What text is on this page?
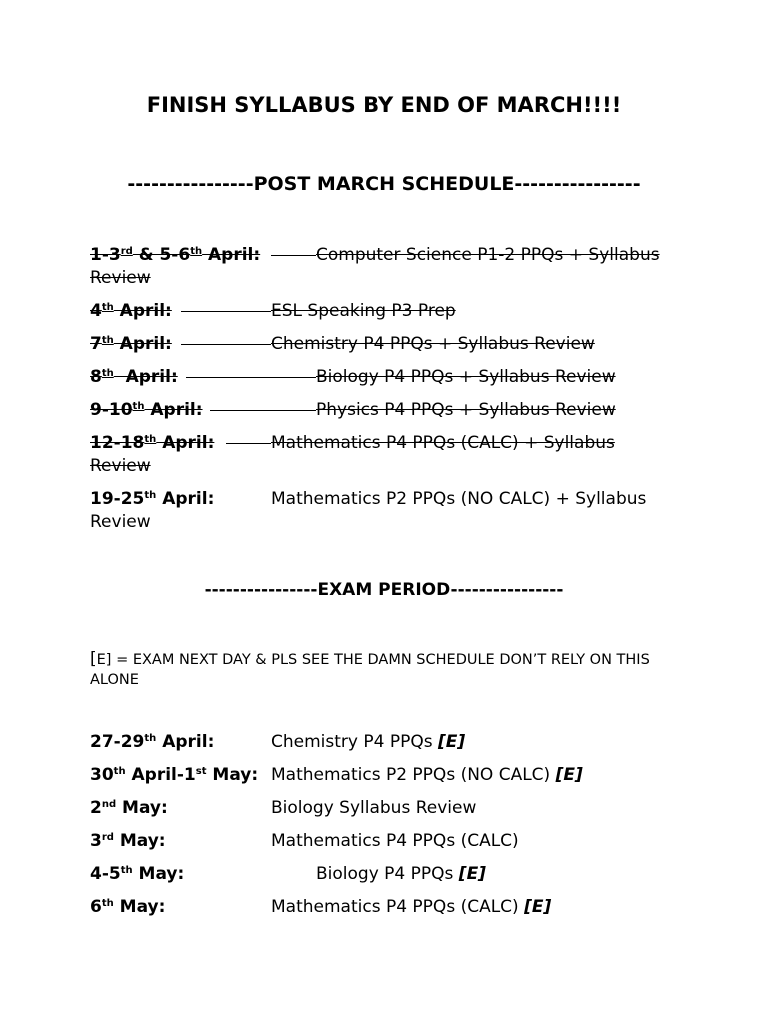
FINISH SYLLABUS BY END OF MARCH!!!!
----------------POST MARCH SCHEDULE----------------
1-3rd & 5-6th April:	Computer Science P1-2 PPQs + Syllabus
Review
4th April:	ESL Speaking P3 Prep
7th April:	Chemistry P4 PPQs + Syllabus Review
8th  April:	Biology P4 PPQs + Syllabus Review
9-10th April:	Physics P4 PPQs + Syllabus Review
12-18th April:	Mathematics P4 PPQs (CALC) + Syllabus
Review
19-25th April:	Mathematics P2 PPQs (NO CALC) + Syllabus
Review
----------------EXAM PERIOD----------------
[E] = EXAM NEXT DAY & PLS SEE THE DAMN SCHEDULE DON’T RELY ON THIS ALONE
27-29th April:	Chemistry P4 PPQs [E]
30th April-1st May: Mathematics P2 PPQs (NO CALC) [E]
2nd May:	Biology Syllabus Review
3rd May:	Mathematics P4 PPQs (CALC)
4-5th May:	Biology P4 PPQs [E]
6th May:	Mathematics P4 PPQs (CALC) [E]
